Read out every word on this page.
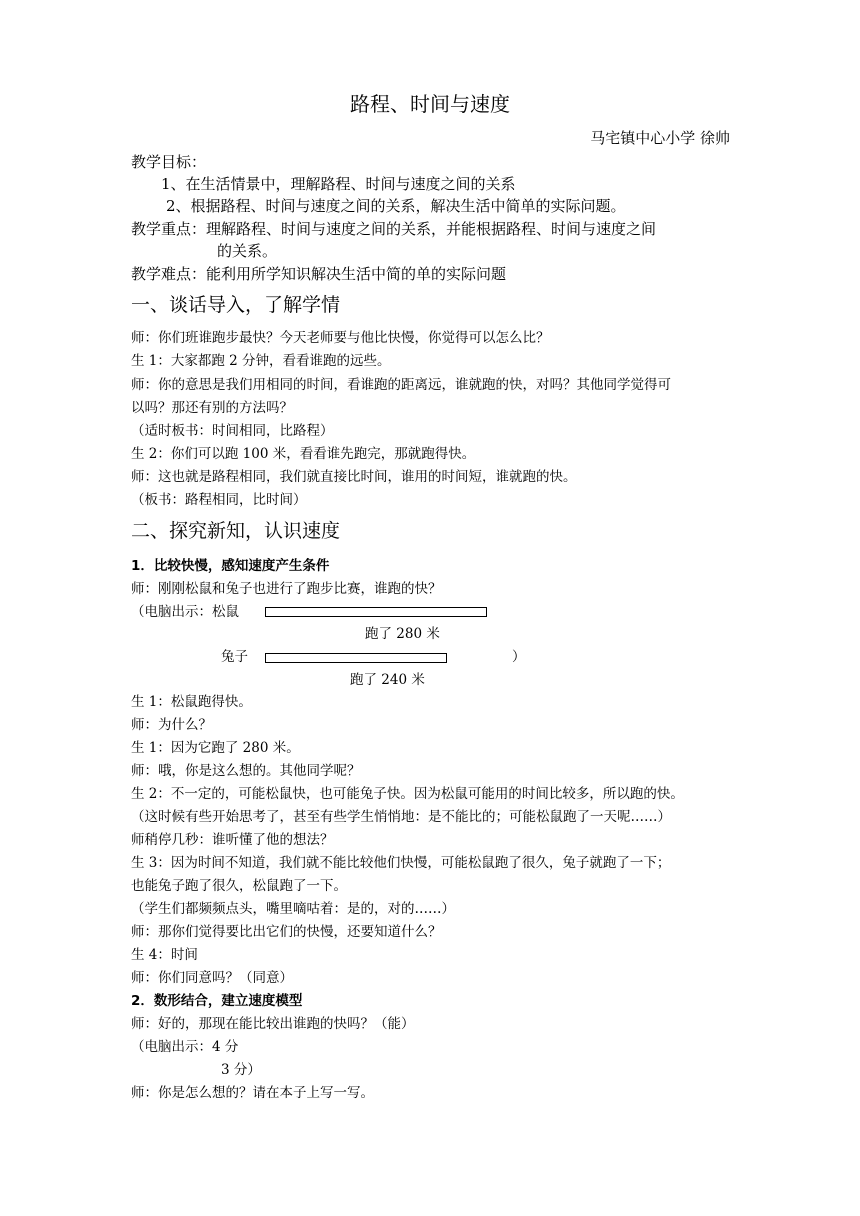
路程、时间与速度
马宅镇中心小学 徐帅
教学目标：
1、在生活情景中，理解路程、时间与速度之间的关系
2、根据路程、时间与速度之间的关系，解决生活中简单的实际问题。
教学重点：理解路程、时间与速度之间的关系，并能根据路程、时间与速度之间
的关系。
教学难点：能利用所学知识解决生活中简的单的实际问题
一、谈话导入，了解学情
师：你们班谁跑步最快？今天老师要与他比快慢，你觉得可以怎么比？
生 1：大家都跑 2 分钟，看看谁跑的远些。
师：你的意思是我们用相同的时间，看谁跑的距离远，谁就跑的快，对吗？其他同学觉得可
以吗？那还有别的方法吗？
（适时板书：时间相同，比路程）
生 2：你们可以跑 100 米，看看谁先跑完，那就跑得快。
师：这也就是路程相同，我们就直接比时间，谁用的时间短，谁就跑的快。
（板书：路程相同，比时间）
二、探究新知，认识速度
1．比较快慢，感知速度产生条件
师：刚刚松鼠和兔子也进行了跑步比赛，谁跑的快？
（电脑出示：松鼠
跑了 280 米
兔子	）
跑了 240 米
生 1：松鼠跑得快。
师：为什么？
生 1：因为它跑了 280 米。
师：哦，你是这么想的。其他同学呢？
生 2：不一定的，可能松鼠快，也可能兔子快。因为松鼠可能用的时间比较多，所以跑的快。
（这时候有些开始思考了，甚至有些学生悄悄地：是不能比的；可能松鼠跑了一天呢……）
师稍停几秒：谁听懂了他的想法？
生 3：因为时间不知道，我们就不能比较他们快慢，可能松鼠跑了很久，兔子就跑了一下；
也能兔子跑了很久，松鼠跑了一下。
（学生们都频频点头，嘴里嘀咕着：是的，对的……）
师：那你们觉得要比出它们的快慢，还要知道什么？
生 4：时间
师：你们同意吗？（同意）
2．数形结合，建立速度模型
师：好的，那现在能比较出谁跑的快吗？（能）
（电脑出示：4 分
3 分）
师：你是怎么想的？请在本子上写一写。
